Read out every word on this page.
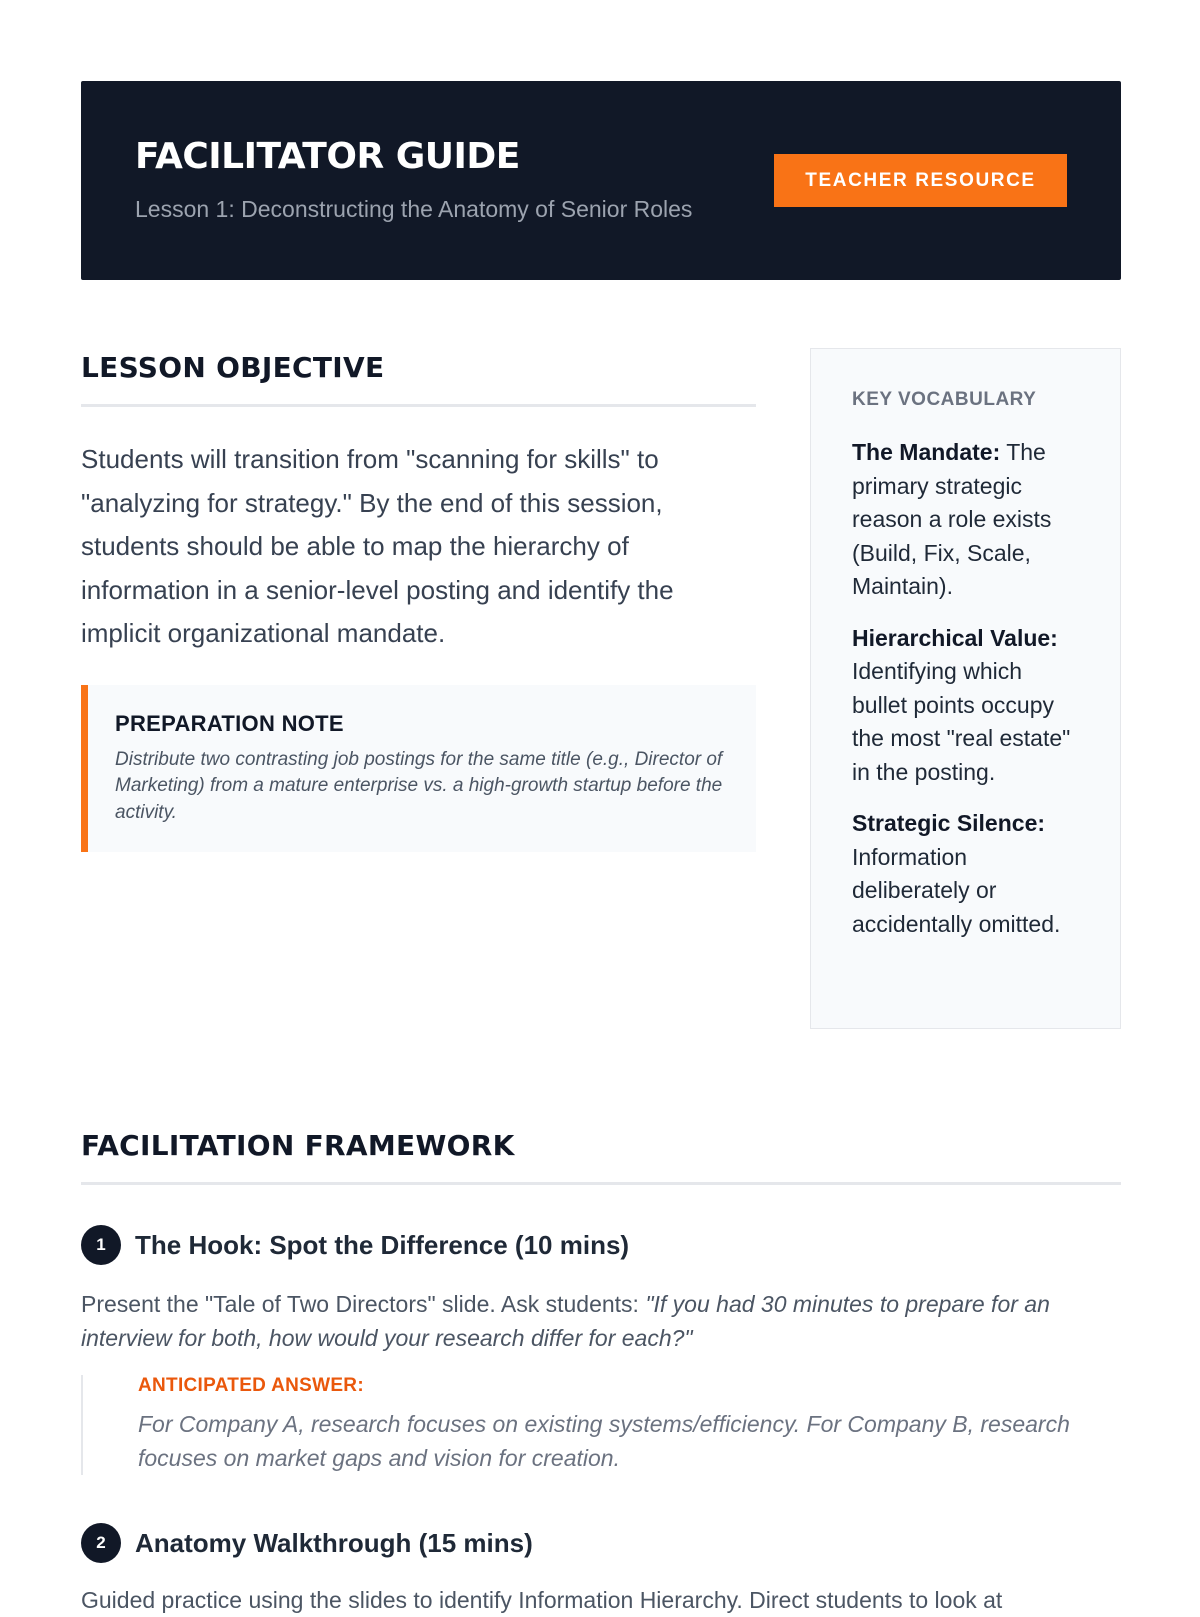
FACILITATOR GUIDE
Lesson 1: Deconstructing the Anatomy of Senior Roles
TEACHER RESOURCE
LESSON OBJECTIVE
Students will transition from "scanning for skills" to "analyzing for strategy." By the end of this session, students should be able to map the hierarchy of information in a senior-level posting and identify the implicit organizational mandate.
PREPARATION NOTE
Distribute two contrasting job postings for the same title (e.g., Director of Marketing) from a mature enterprise vs. a high-growth startup before the activity.
KEY VOCABULARY
The Mandate: The primary strategic reason a role exists (Build, Fix, Scale, Maintain).
Hierarchical Value: Identifying which bullet points occupy the most "real estate" in the posting.
Strategic Silence: Information deliberately or accidentally omitted.
FACILITATION FRAMEWORK
1	The Hook: Spot the Difference (10 mins)
Present the "Tale of Two Directors" slide. Ask students: "If you had 30 minutes to prepare for an interview for both, how would your research differ for each?"
ANTICIPATED ANSWER:
For Company A, research focuses on existing systems/efficiency. For Company B, research focuses on market gaps and vision for creation.
2	Anatomy Walkthrough (15 mins)
Guided practice using the slides to identify Information Hierarchy. Direct students to look at
